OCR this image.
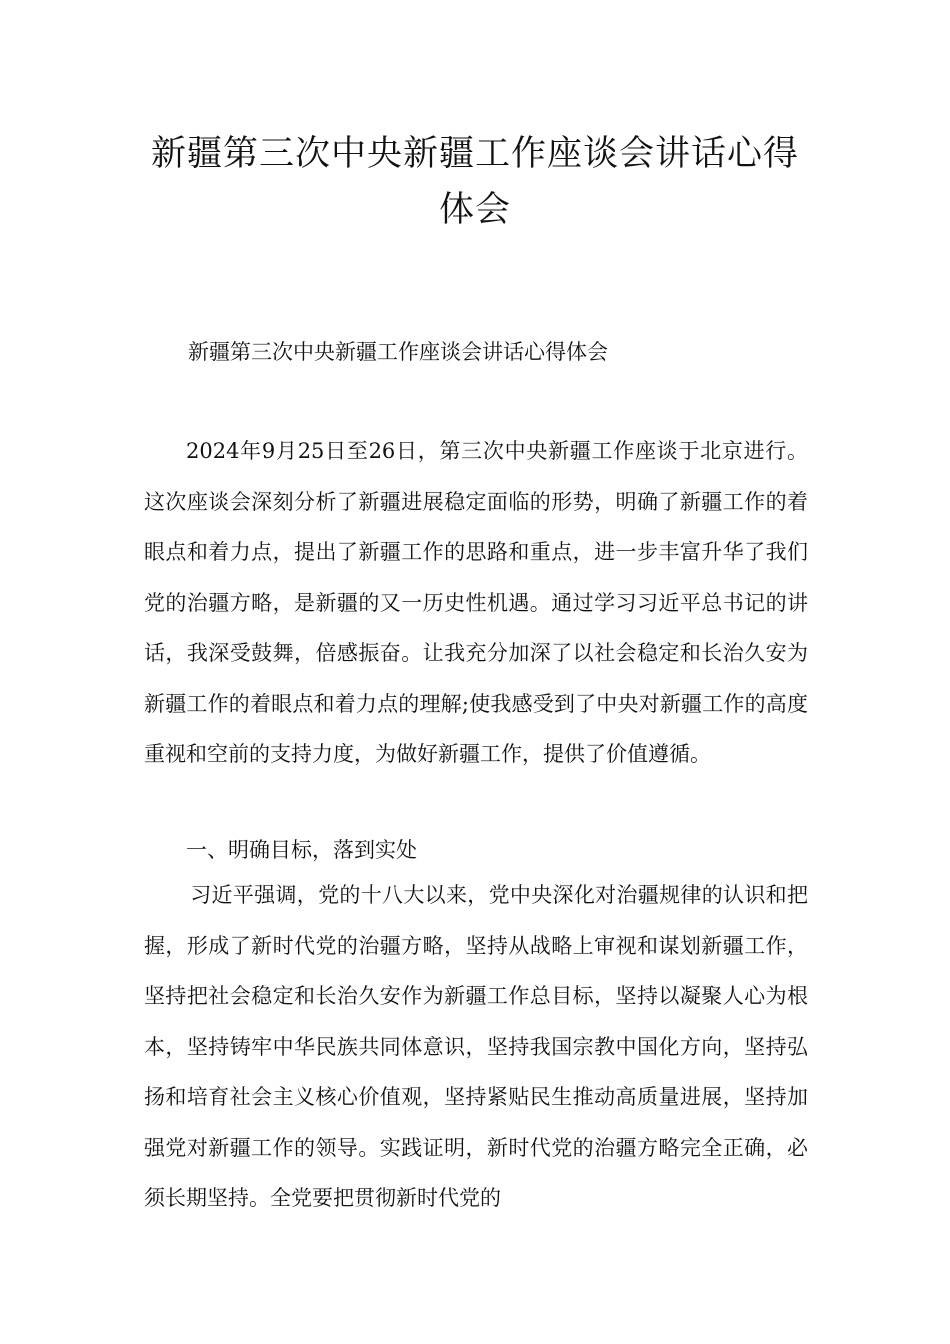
新疆第三次中央新疆工作座谈会讲话心得体会

新疆第三次中央新疆工作座谈会讲话心得体会

2024年9月25日至26日，第三次中央新疆工作座谈于北京进行。这次座谈会深刻分析了新疆进展稳定面临的形势，明确了新疆工作的着眼点和着力点，提出了新疆工作的思路和重点，进一步丰富升华了我们党的治疆方略，是新疆的又一历史性机遇。通过学习习近平总书记的讲话，我深受鼓舞，倍感振奋。让我充分加深了以社会稳定和长治久安为新疆工作的着眼点和着力点的理解;使我感受到了中央对新疆工作的高度重视和空前的支持力度，为做好新疆工作，提供了价值遵循。

一、明确目标，落到实处

习近平强调，党的十八大以来，党中央深化对治疆规律的认识和把握，形成了新时代党的治疆方略，坚持从战略上审视和谋划新疆工作，坚持把社会稳定和长治久安作为新疆工作总目标，坚持以凝聚人心为根本，坚持铸牢中华民族共同体意识，坚持我国宗教中国化方向，坚持弘扬和培育社会主义核心价值观，坚持紧贴民生推动高质量进展，坚持加强党对新疆工作的领导。实践证明，新时代党的治疆方略完全正确，必须长期坚持。全党要把贯彻新时代党的
